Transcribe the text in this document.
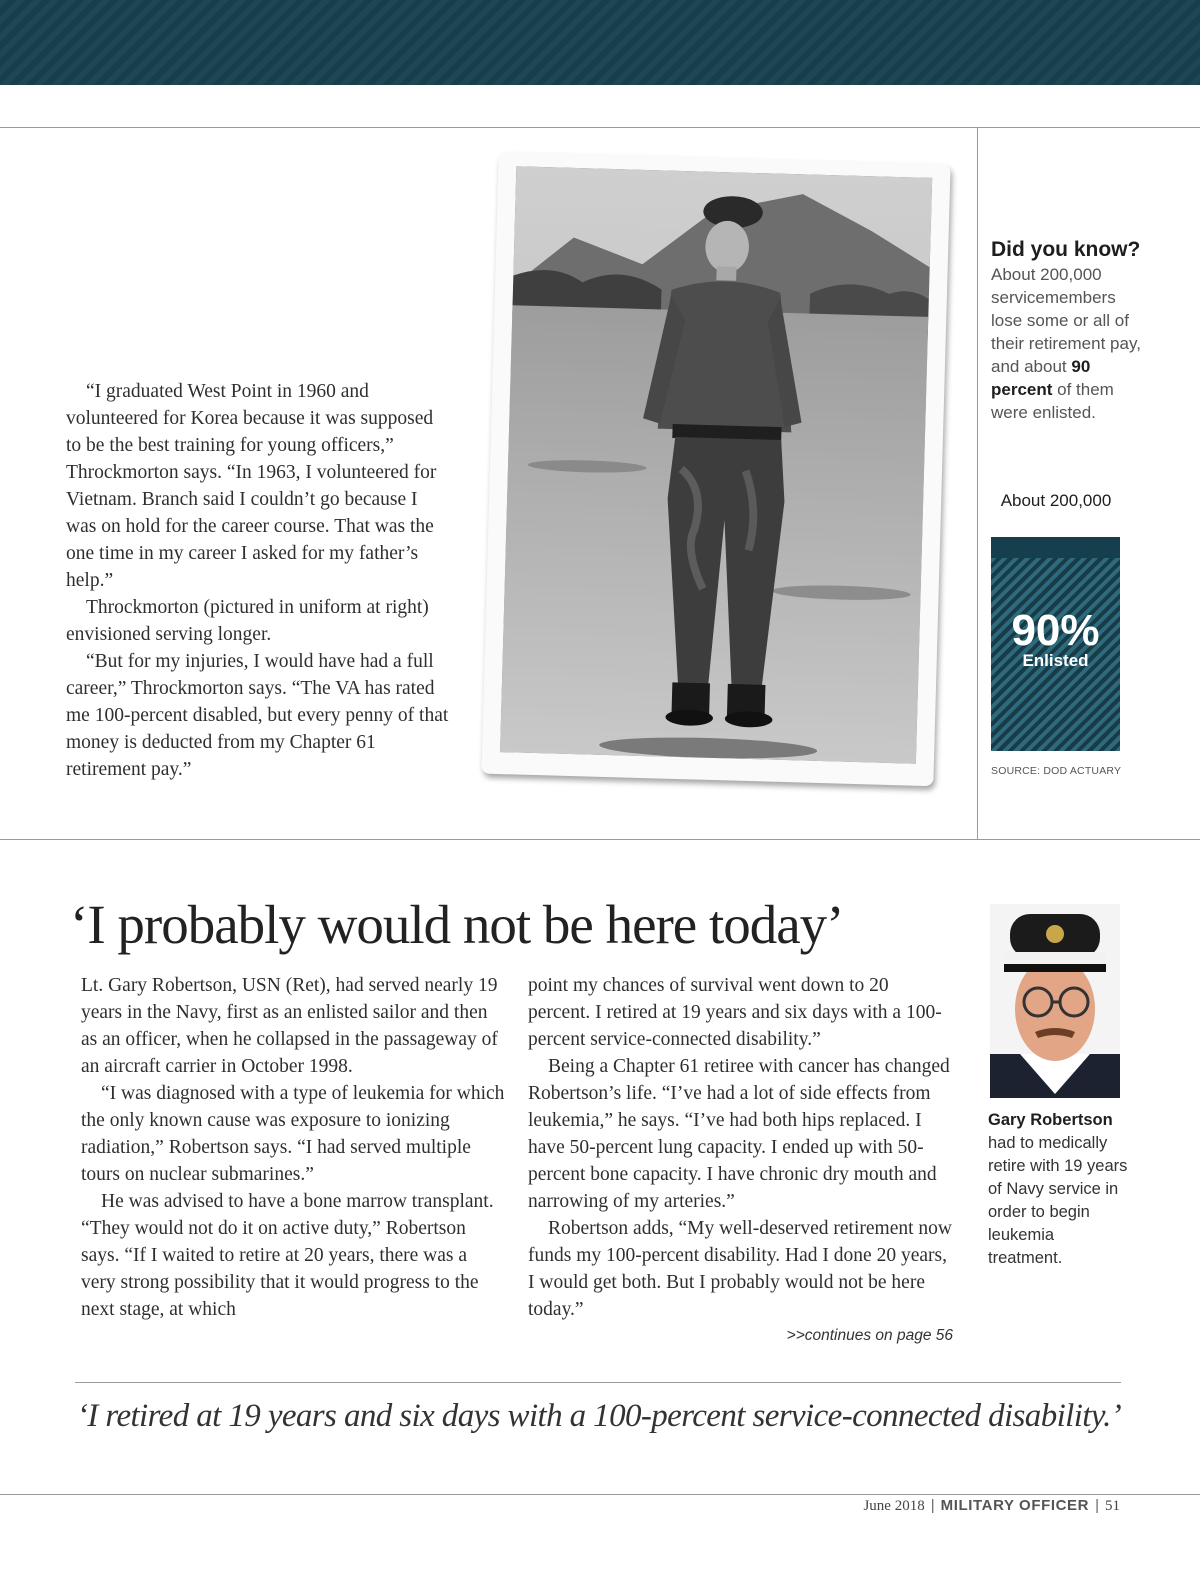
“I graduated West Point in 1960 and volunteered for Korea because it was supposed to be the best training for young officers,” Throckmorton says. “In 1963, I volunteered for Vietnam. Branch said I couldn’t go because I was on hold for the career course. That was the one time in my career I asked for my father’s help.”

Throckmorton (pictured in uniform at right) envisioned serving longer.

“But for my injuries, I would have had a full career,” Throckmorton says. “The VA has rated me 100-percent disabled, but every penny of that money is deducted from my Chapter 61 retirement pay.”

Did you know?
About 200,000 servicemembers lose some or all of their retirement pay, and about 90 percent of them were enlisted.
About 200,000
90%
Enlisted
SOURCE: DOD ACTUARY
‘I probably would not be here today’

Lt. Gary Robertson, USN (Ret), had served nearly 19 years in the Navy, first as an enlisted sailor and then as an officer, when he collapsed in the passageway of an aircraft carrier in October 1998.

“I was diagnosed with a type of leukemia for which the only known cause was exposure to ionizing radiation,” Robertson says. “I had served multiple tours on nuclear submarines.”

He was advised to have a bone marrow transplant. “They would not do it on active duty,” Robertson says. “If I waited to retire at 20 years, there was a very strong possibility that it would progress to the next stage, at which

point my chances of survival went down to 20 percent. I retired at 19 years and six days with a 100-percent service-connected disability.”

Being a Chapter 61 retiree with cancer has changed Robertson’s life. “I’ve had a lot of side effects from leukemia,” he says. “I’ve had both hips replaced. I have 50-percent lung capacity. I ended up with 50-percent bone capacity. I have chronic dry mouth and narrowing of my arteries.”

Robertson adds, “My well-deserved retirement now funds my 100-percent disability. Had I done 20 years, I would get both. But I probably would not be here today.”

>>continues on page 56
Gary Robertson
had to medically retire with 19 years of Navy service in order to begin leukemia treatment.
‘I retired at 19 years and six days with a 100-percent service-connected disability.’
June 2018 | MILITARY OFFICER | 51
